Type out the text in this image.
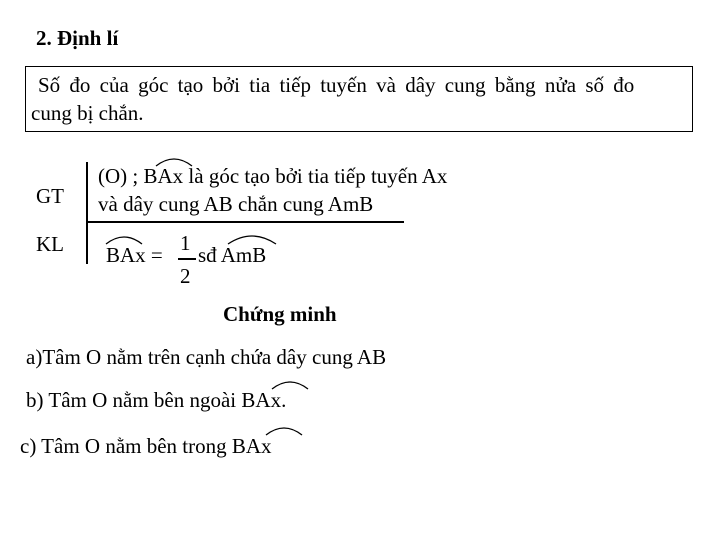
2. Định lí
Số đo của góc tạo bởi tia tiếp tuyến và dây cung bằng nửa số đo
cung bị chắn.
GT
KL
(O) ; BAx là góc tạo bởi tia tiếp tuyến Ax
và dây cung AB chắn cung AmB
BAx = 1
2
sđ AmB
Chứng minh
a)Tâm O nằm trên cạnh chứa dây cung AB
b) Tâm O nằm bên ngoài BAx.
c) Tâm O nằm bên trong BAx
